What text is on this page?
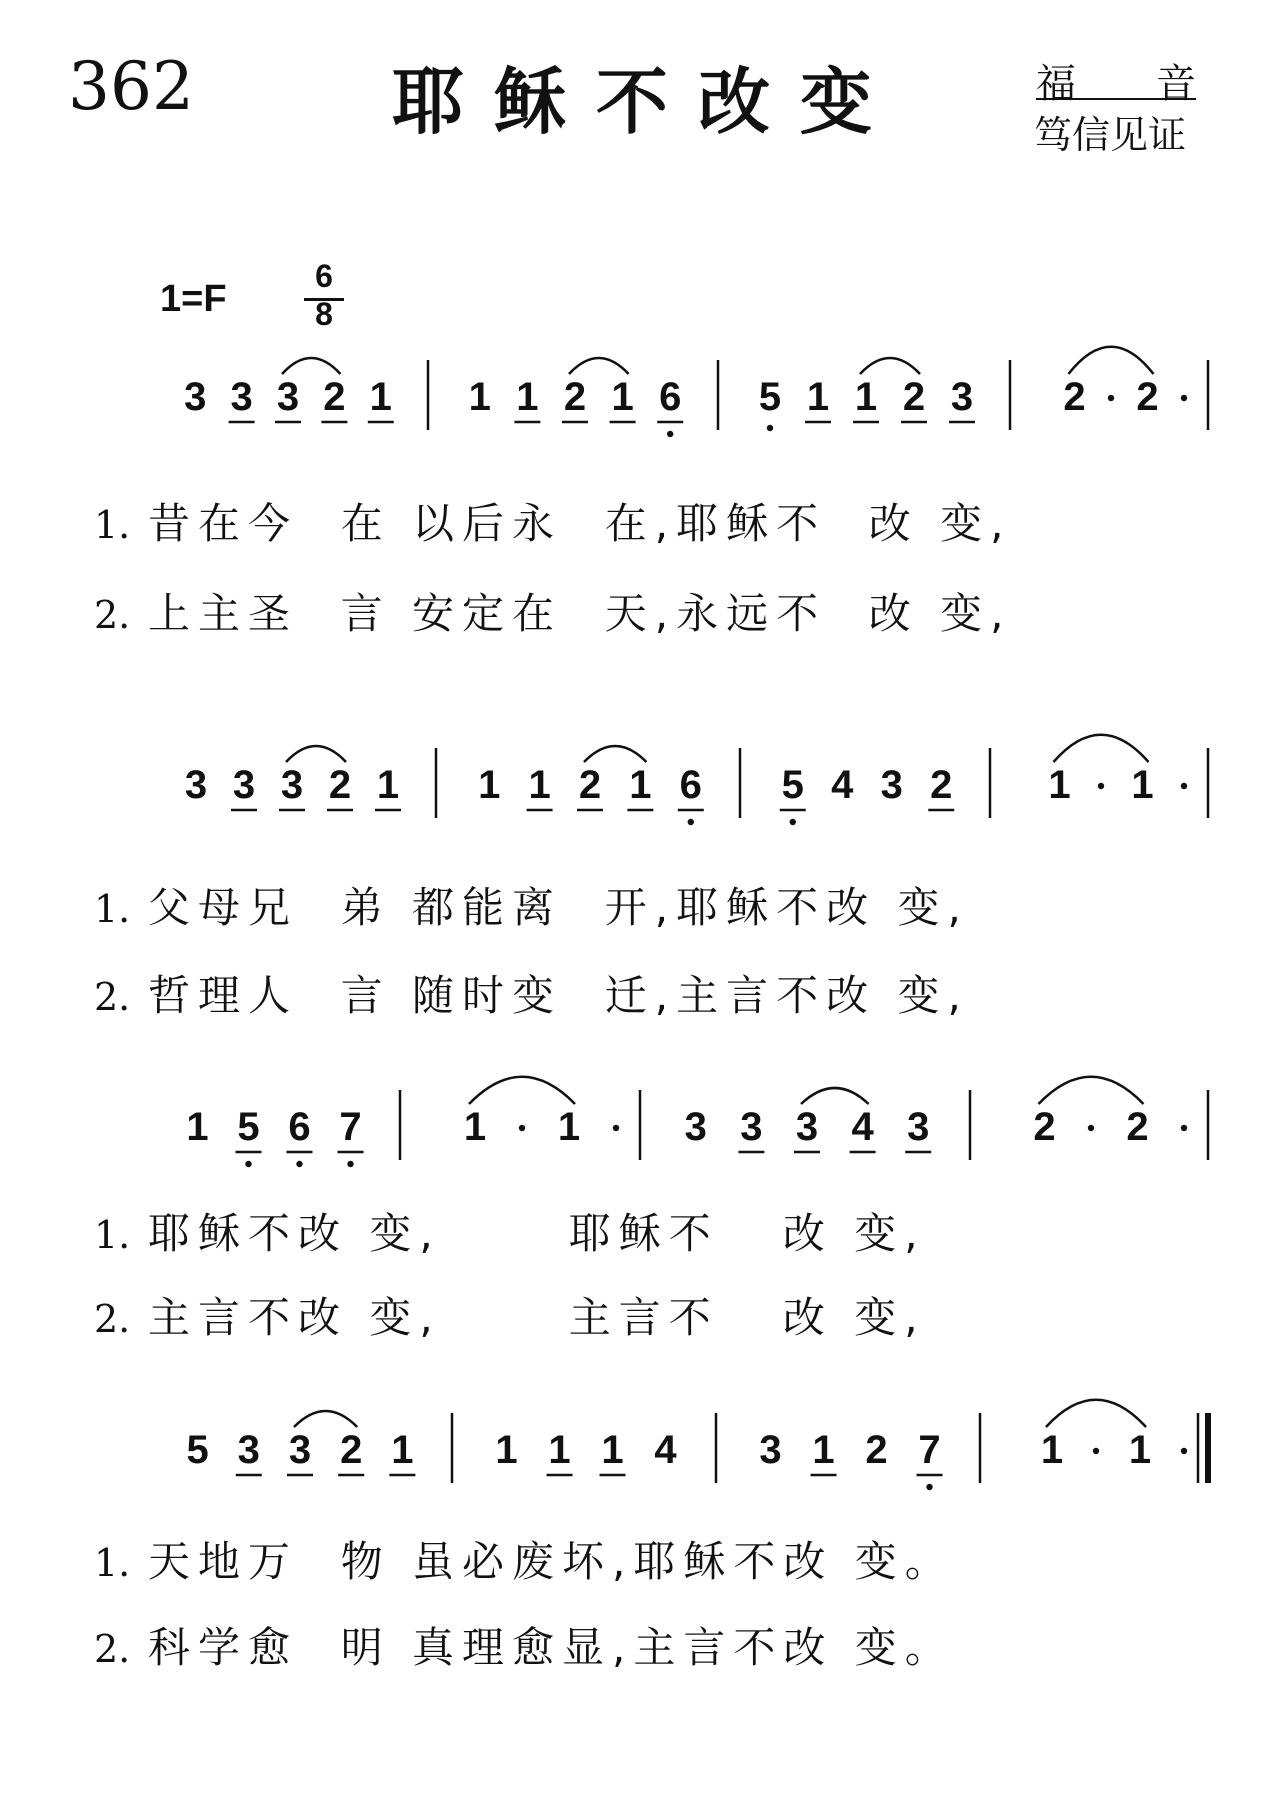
362	耶稣不改变	福 音
笃信见证
1=F
6
8
3 3 3 2 1 1 1 2 1 6 5 1 1 2 3 2 2
1. 昔在今  在 以后永  在,耶稣不  改 变,
2. 上主圣  言 安定在  天,永远不  改 变,
3 3 3 2 1 1 1 2 1 6 5 4 3 2 1 1
1. 父母兄  弟 都能离  开,耶稣不改 变,
2. 哲理人  言 随时变  迁,主言不改 变,
1 5 6 7	1 1	3 3 3 4 3	2 2
1. 耶稣不改 变,      耶稣不   改 变,
2. 主言不改 变,      主言不   改 变,
5 3 3 2 1 1 1 1 4 3 1 2 7	1 1
1. 天地万  物 虽必废坏,耶稣不改 变。
2. 科学愈  明 真理愈显,主言不改 变。
